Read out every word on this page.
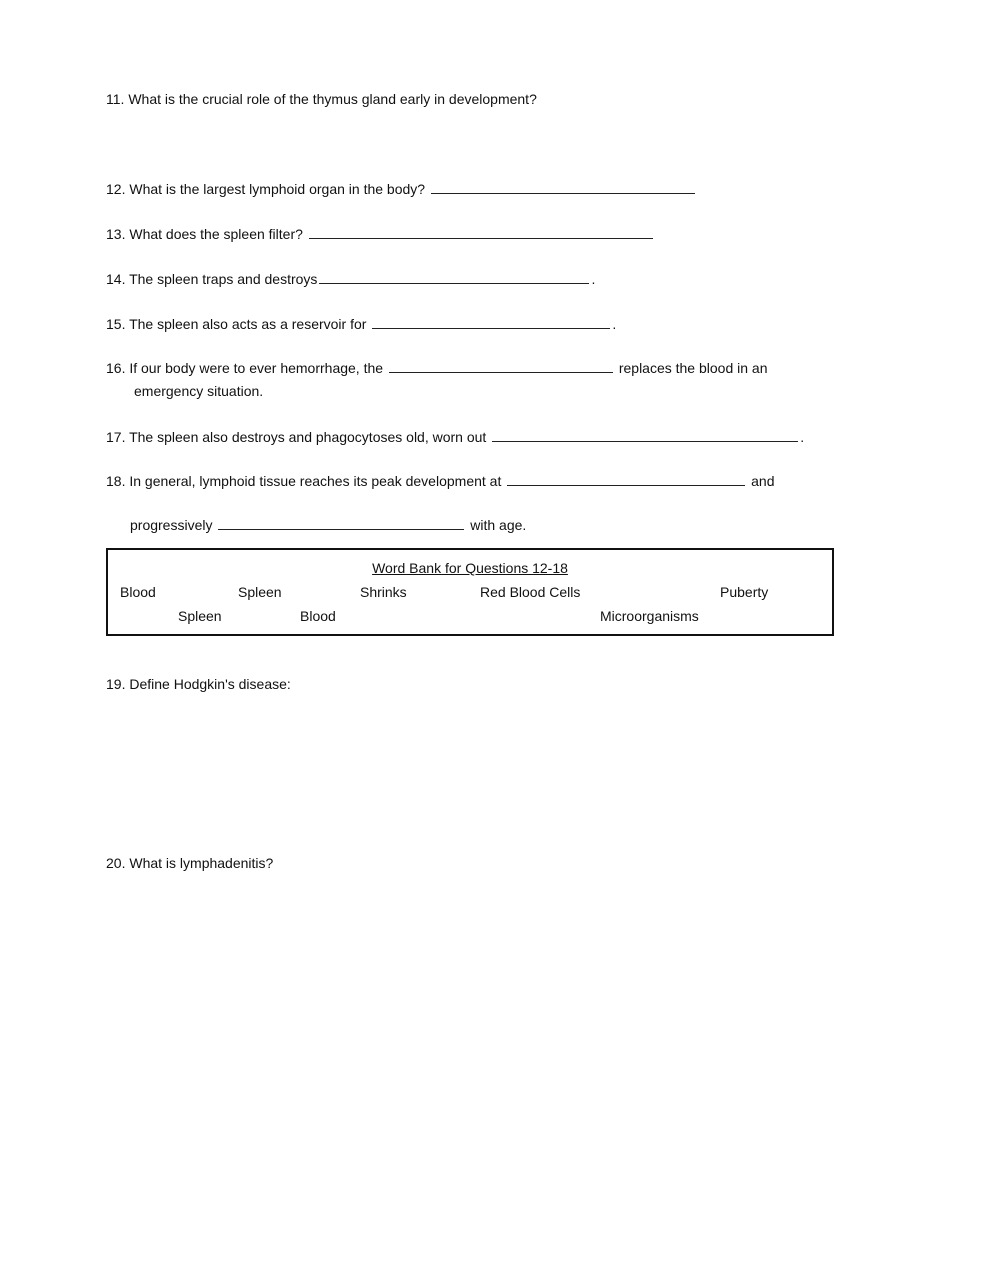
11. What is the crucial role of the thymus gland early in development?
12. What is the largest lymphoid organ in the body?
13. What does the spleen filter?
14. The spleen traps and destroys	.
15. The spleen also acts as a reservoir for	.
16. If our body were to ever hemorrhage, the	replaces the blood in an
emergency situation.
17. The spleen also destroys and phagocytoses old, worn out	.
18. In general, lymphoid tissue reaches its peak development at	and
progressively	with age.
Word Bank for Questions 12-18
Blood	Spleen	Shrinks	Red Blood Cells	Puberty
Spleen	Blood	Microorganisms
19. Define Hodgkin's disease:
20. What is lymphadenitis?
